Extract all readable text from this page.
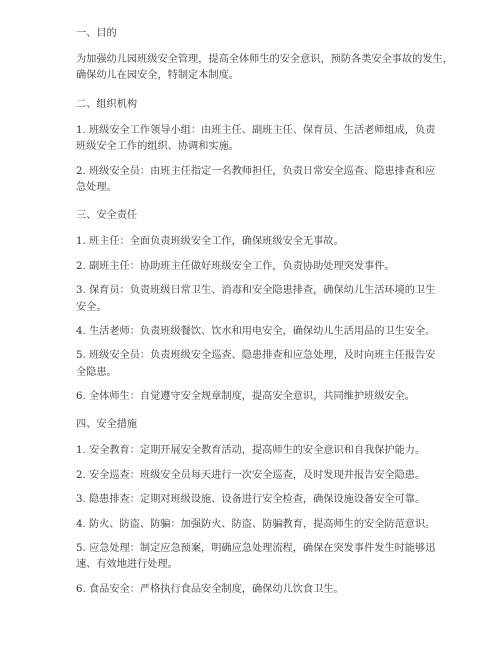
一、目的
为加强幼儿园班级安全管理，提高全体师生的安全意识，预防各类安全事故的发生，
确保幼儿在园安全，特制定本制度。
二、组织机构
1. 班级安全工作领导小组：由班主任、副班主任、保育员、生活老师组成，负责
班级安全工作的组织、协调和实施。
2. 班级安全员：由班主任指定一名教师担任，负责日常安全巡查、隐患排查和应
急处理。
三、安全责任
1. 班主任：全面负责班级安全工作，确保班级安全无事故。
2. 副班主任：协助班主任做好班级安全工作，负责协助处理突发事件。
3. 保育员：负责班级日常卫生、消毒和安全隐患排查，确保幼儿生活环境的卫生
安全。
4. 生活老师：负责班级餐饮、饮水和用电安全，确保幼儿生活用品的卫生安全。
5. 班级安全员：负责班级安全巡查、隐患排查和应急处理，及时向班主任报告安
全隐患。
6. 全体师生：自觉遵守安全规章制度，提高安全意识，共同维护班级安全。
四、安全措施
1. 安全教育：定期开展安全教育活动，提高师生的安全意识和自我保护能力。
2. 安全巡查：班级安全员每天进行一次安全巡查，及时发现并报告安全隐患。
3. 隐患排查：定期对班级设施、设备进行安全检查，确保设施设备安全可靠。
4. 防火、防盗、防骗：加强防火、防盗、防骗教育，提高师生的安全防范意识。
5. 应急处理：制定应急预案，明确应急处理流程，确保在突发事件发生时能够迅
速、有效地进行处理。
6. 食品安全：严格执行食品安全制度，确保幼儿饮食卫生。
